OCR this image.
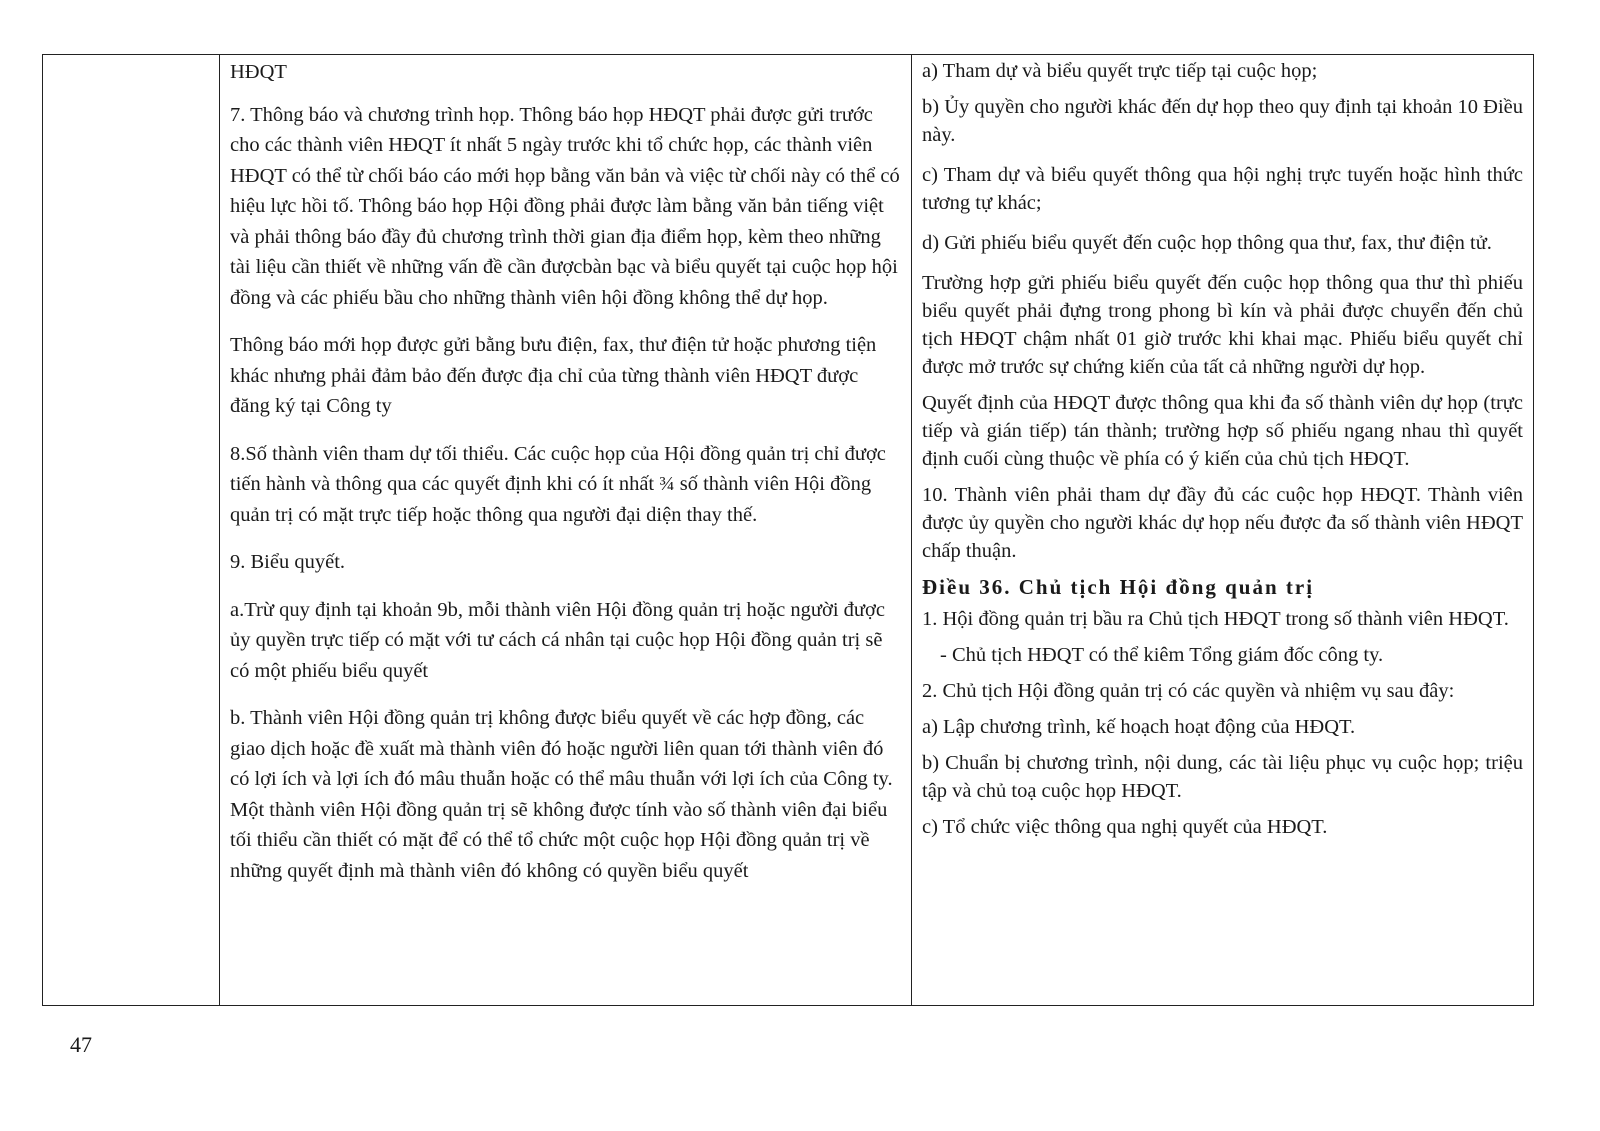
HĐQT

7. Thông báo và chương trình họp. Thông báo họp HĐQT phải được gửi trước cho các thành viên HĐQT ít nhất 5 ngày trước khi tổ chức họp, các thành viên HĐQT có thể từ chối báo cáo mới họp bằng văn bản và việc từ chối này có thể có hiệu lực hồi tố. Thông báo họp Hội đồng phải được làm bằng văn bản tiếng việt và phải thông báo đầy đủ chương trình thời gian địa điểm họp, kèm theo những tài liệu cần thiết về những vấn đề cần đượcbàn bạc và biểu quyết tại cuộc họp hội đồng và các phiếu bầu cho những thành viên hội đồng không thể dự họp.

Thông báo mới họp được gửi bằng bưu điện, fax, thư điện tử hoặc phương tiện khác nhưng phải đảm bảo đến được địa chỉ của từng thành viên HĐQT được đăng ký tại Công ty

8.Số thành viên tham dự tối thiểu. Các cuộc họp của Hội đồng quản trị chỉ được tiến hành và thông qua các quyết định khi có ít nhất ¾ số thành viên Hội đồng quản trị có mặt trực tiếp hoặc thông qua người đại diện thay thế.

9. Biểu quyết.

a.Trừ quy định tại khoản 9b, mỗi thành viên Hội đồng quản trị hoặc người được ủy quyền trực tiếp có mặt với tư cách cá nhân tại cuộc họp Hội đồng quản trị sẽ có một phiếu biểu quyết

b. Thành viên Hội đồng quản trị không được biểu quyết về các hợp đồng, các giao dịch hoặc đề xuất mà thành viên đó hoặc người liên quan tới thành viên đó có lợi ích và lợi ích đó mâu thuẫn hoặc có thể mâu thuẫn với lợi ích của Công ty. Một thành viên Hội đồng quản trị sẽ không được tính vào số thành viên đại biểu tối thiểu cần thiết có mặt để có thể tổ chức một cuộc họp Hội đồng quản trị về những quyết định mà thành viên đó không có quyền biểu quyết

a) Tham dự và biểu quyết trực tiếp tại cuộc họp;

b) Ủy quyền cho người khác đến dự họp theo quy định tại khoản 10 Điều này.

c) Tham dự và biểu quyết thông qua hội nghị trực tuyến hoặc hình thức tương tự khác;

d) Gửi phiếu biểu quyết đến cuộc họp thông qua thư, fax, thư điện tử.

Trường hợp gửi phiếu biểu quyết đến cuộc họp thông qua thư thì phiếu biểu quyết phải đựng trong phong bì kín và phải được chuyển đến chủ tịch HĐQT chậm nhất 01 giờ trước khi khai mạc. Phiếu biểu quyết chỉ được mở trước sự chứng kiến của tất cả những người dự họp.

Quyết định của HĐQT được thông qua khi đa số thành viên dự họp (trực tiếp và gián tiếp) tán thành; trường hợp số phiếu ngang nhau thì quyết định cuối cùng thuộc về phía có ý kiến của chủ tịch HĐQT.

10. Thành viên phải tham dự đầy đủ các cuộc họp HĐQT. Thành viên được ủy quyền cho người khác dự họp nếu được đa số thành viên HĐQT chấp thuận.

Điều 36. Chủ tịch Hội đồng quản trị

1. Hội đồng quản trị bầu ra Chủ tịch HĐQT trong số thành viên HĐQT.

- Chủ tịch HĐQT có thể kiêm Tổng giám đốc công ty.

2. Chủ tịch Hội đồng quản trị có các quyền và nhiệm vụ sau đây:

a) Lập chương trình, kế hoạch hoạt động của HĐQT.

b) Chuẩn bị chương trình, nội dung, các tài liệu phục vụ cuộc họp; triệu tập và chủ toạ cuộc họp HĐQT.

c) Tổ chức việc thông qua nghị quyết của HĐQT.

47
